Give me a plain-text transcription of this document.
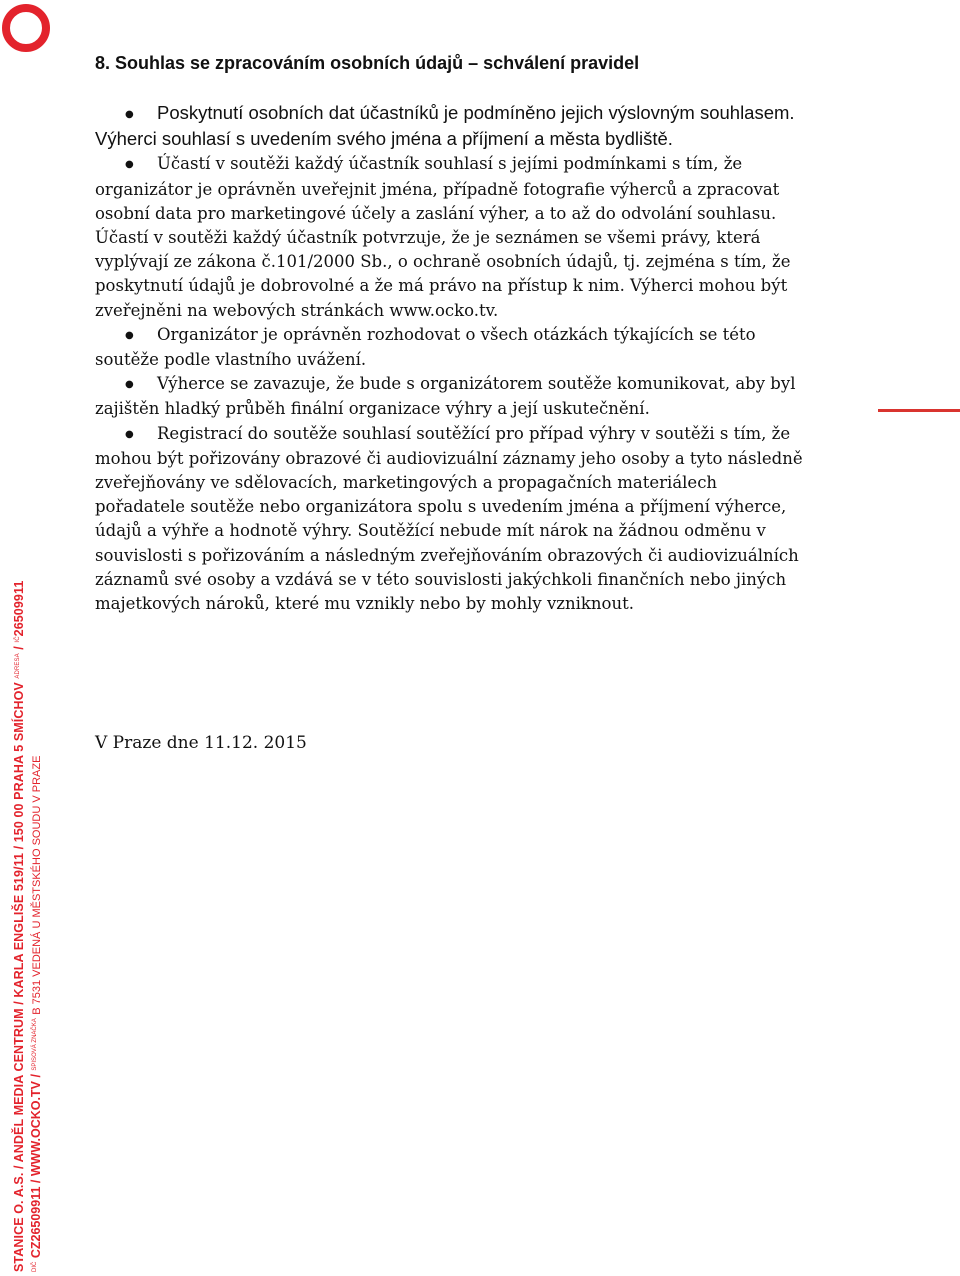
8. Souhlas se zpracováním osobních údajů – schválení pravidel

● Poskytnutí osobních dat účastníků je podmíněno jejich výslovným souhlasem. Výherci souhlasí s uvedením svého jména a příjmení a města bydliště.

● Účastí v soutěži každý účastník souhlasí s jejími podmínkami s tím, že organizátor je oprávněn uveřejnit jména, případně fotografie výherců a zpracovat osobní data pro marketingové účely a zaslání výher, a to až do odvolání souhlasu. Účastí v soutěži každý účastník potvrzuje, že je seznámen se všemi právy, která vyplývají ze zákona č.101/2000 Sb., o ochraně osobních údajů, tj. zejména s tím, že poskytnutí údajů je dobrovolné a že má právo na přístup k nim. Výherci mohou být zveřejněni na webových stránkách www.ocko.tv.

● Organizátor je oprávněn rozhodovat o všech otázkách týkajících se této soutěže podle vlastního uvážení.

● Výherce se zavazuje, že bude s organizátorem soutěže komunikovat, aby byl zajištěn hladký průběh finální organizace výhry a její uskutečnění.

● Registrací do soutěže souhlasí soutěžící pro případ výhry v soutěži s tím, že mohou být pořizovány obrazové či audiovizuální záznamy jeho osoby a tyto následně zveřejňovány ve sdělovacích, marketingových a propagačních materiálech pořadatele soutěže nebo organizátora spolu s uvedením jména a příjmení výherce, údajů a výhře a hodnotě výhry. Soutěžící nebude mít nárok na žádnou odměnu v souvislosti s pořizováním a následným zveřejňováním obrazových či audiovizuálních záznamů své osoby a vzdává se v této souvislosti jakýchkoli finančních nebo jiných majetkových nároků, které mu vznikly nebo by mohly vzniknout.

V Praze dne 11.12. 2015

STANICE O. A.S. / ANDĚL MEDIA CENTRUM / KARLA ENGLIŠE 519/11 / 150 00 PRAHA 5 SMÍCHOV $^{ADRESA}$ / $^{IČ}$26509911
$^{DIČ}$ CZ26509911 / WWW.OCKO.TV / $^{SPISOVÁ ZNAČKA}$ B 7531 VEDENÁ U MĚSTSKÉHO SOUDU V PRAZE
